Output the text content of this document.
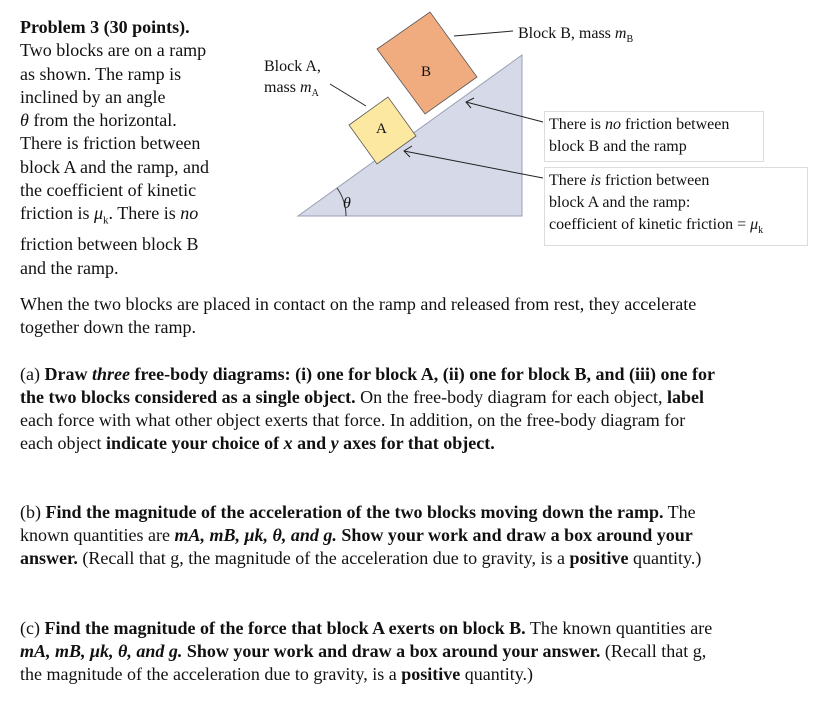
Problem 3 (30 points).
Two blocks are on a ramp
as shown. The ramp is
inclined by an angle
θ from the horizontal.
There is friction between
block A and the ramp, and
the coefficient of kinetic
friction is $\mu_k$. There is no
friction between block B
and the ramp.
Block A,
mass $m_A$
Block B, mass $m_B$
A
B
θ
There is no friction between
block B and the ramp
There is friction between
block A and the ramp:
coefficient of kinetic friction = $\mu_k$
When the two blocks are placed in contact on the ramp and released from rest, they accelerate
together down the ramp.
(a) Draw three free-body diagrams: (i) one for block A, (ii) one for block B, and (iii) one for
the two blocks considered as a single object. On the free-body diagram for each object, label
each force with what other object exerts that force. In addition, on the free-body diagram for
each object indicate your choice of x and y axes for that object.
(b) Find the magnitude of the acceleration of the two blocks moving down the ramp. The
known quantities are mA, mB, μk, θ, and g. Show your work and draw a box around your
answer. (Recall that g, the magnitude of the acceleration due to gravity, is a positive quantity.)
(c) Find the magnitude of the force that block A exerts on block B. The known quantities are
mA, mB, μk, θ, and g. Show your work and draw a box around your answer. (Recall that g,
the magnitude of the acceleration due to gravity, is a positive quantity.)
